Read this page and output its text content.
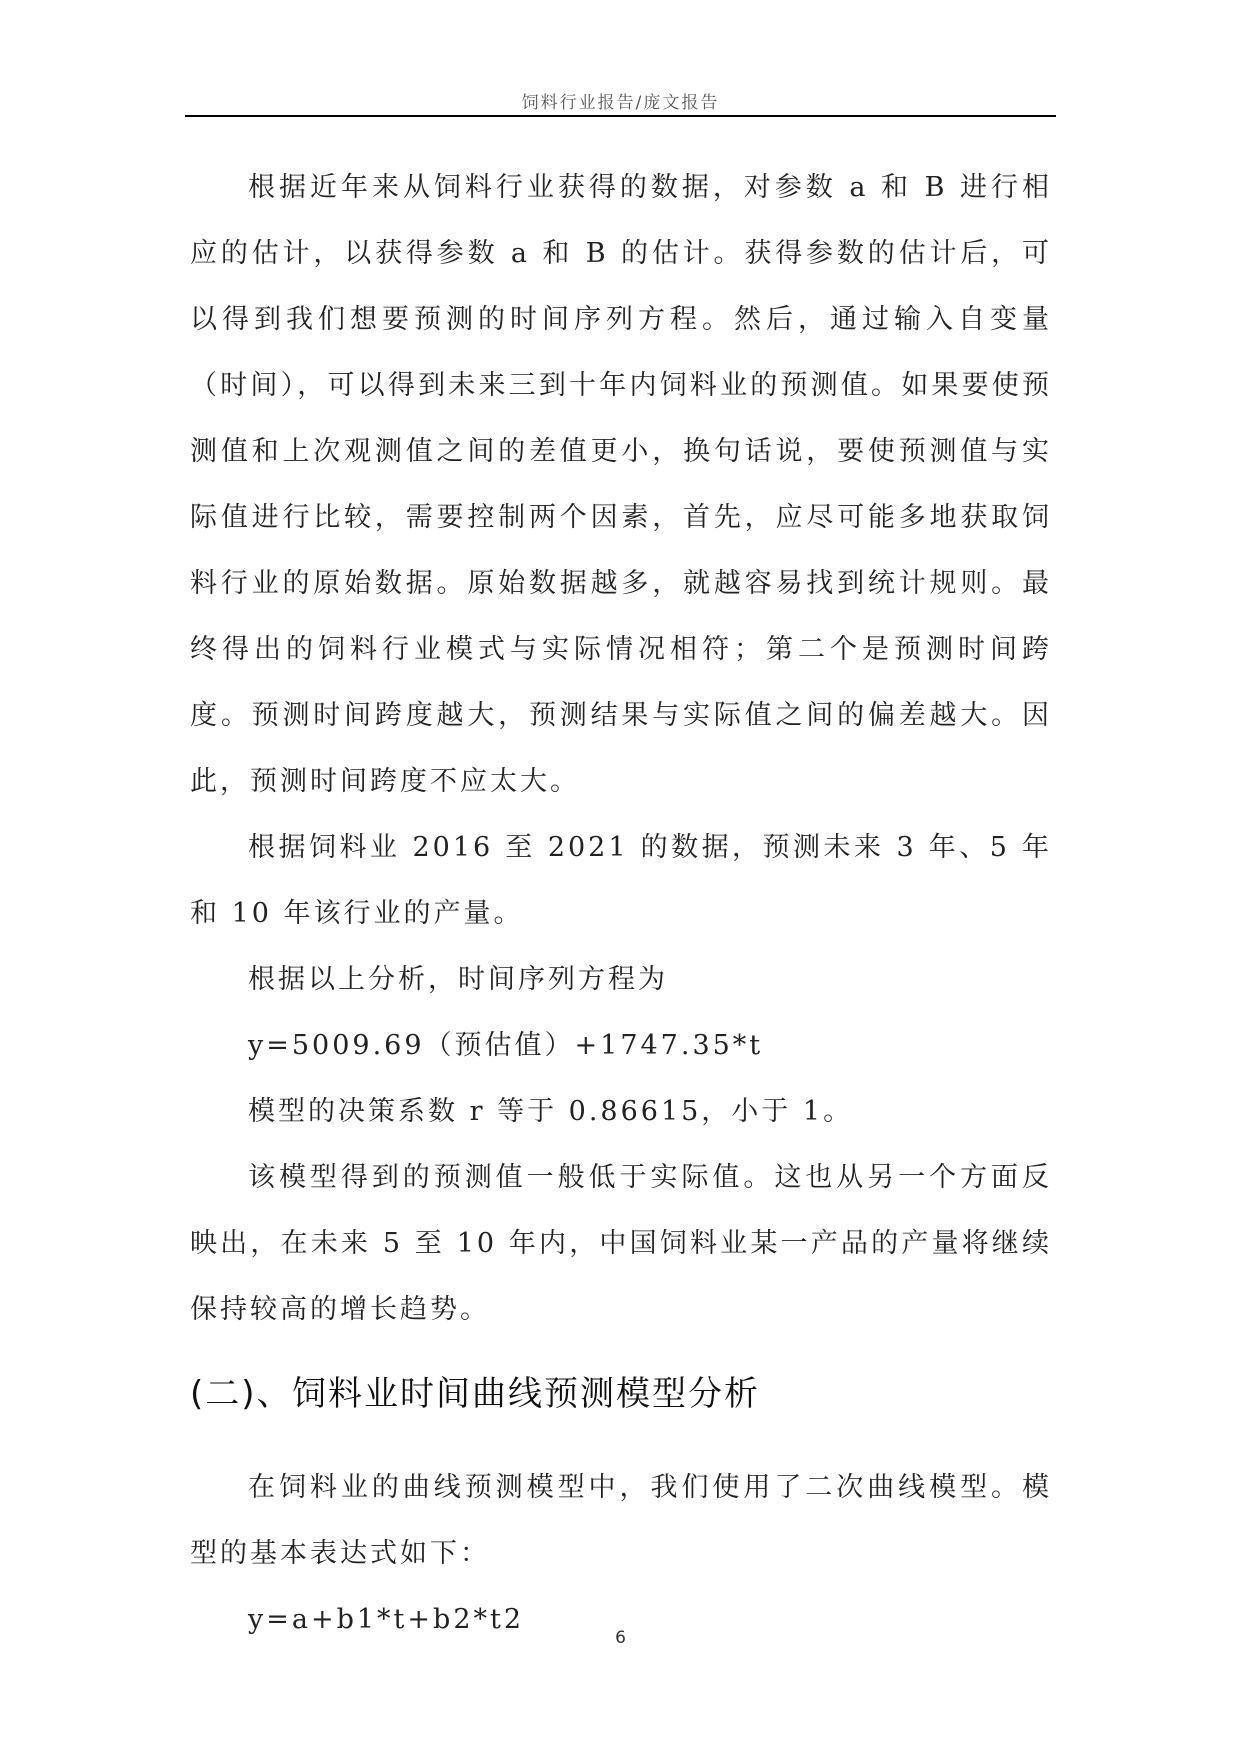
饲料行业报告/庞文报告

根据近年来从饲料行业获得的数据，对参数 a 和 B 进行相应的估计，以获得参数 a 和 B 的估计。获得参数的估计后，可以得到我们想要预测的时间序列方程。然后，通过输入自变量（时间），可以得到未来三到十年内饲料业的预测值。如果要使预测值和上次观测值之间的差值更小，换句话说，要使预测值与实际值进行比较，需要控制两个因素，首先，应尽可能多地获取饲料行业的原始数据。原始数据越多，就越容易找到统计规则。最终得出的饲料行业模式与实际情况相符；第二个是预测时间跨度。预测时间跨度越大，预测结果与实际值之间的偏差越大。因此，预测时间跨度不应太大。

根据饲料业 2016 至 2021 的数据，预测未来 3 年、5 年和 10 年该行业的产量。

根据以上分析，时间序列方程为

y=5009.69（预估值）+1747.35*t

模型的决策系数 r 等于 0.86615，小于 1。

该模型得到的预测值一般低于实际值。这也从另一个方面反映出，在未来 5 至 10 年内，中国饲料业某一产品的产量将继续保持较高的增长趋势。

(二)、饲料业时间曲线预测模型分析

在饲料业的曲线预测模型中，我们使用了二次曲线模型。模型的基本表达式如下：

y=a+b1*t+b2*t2

6
